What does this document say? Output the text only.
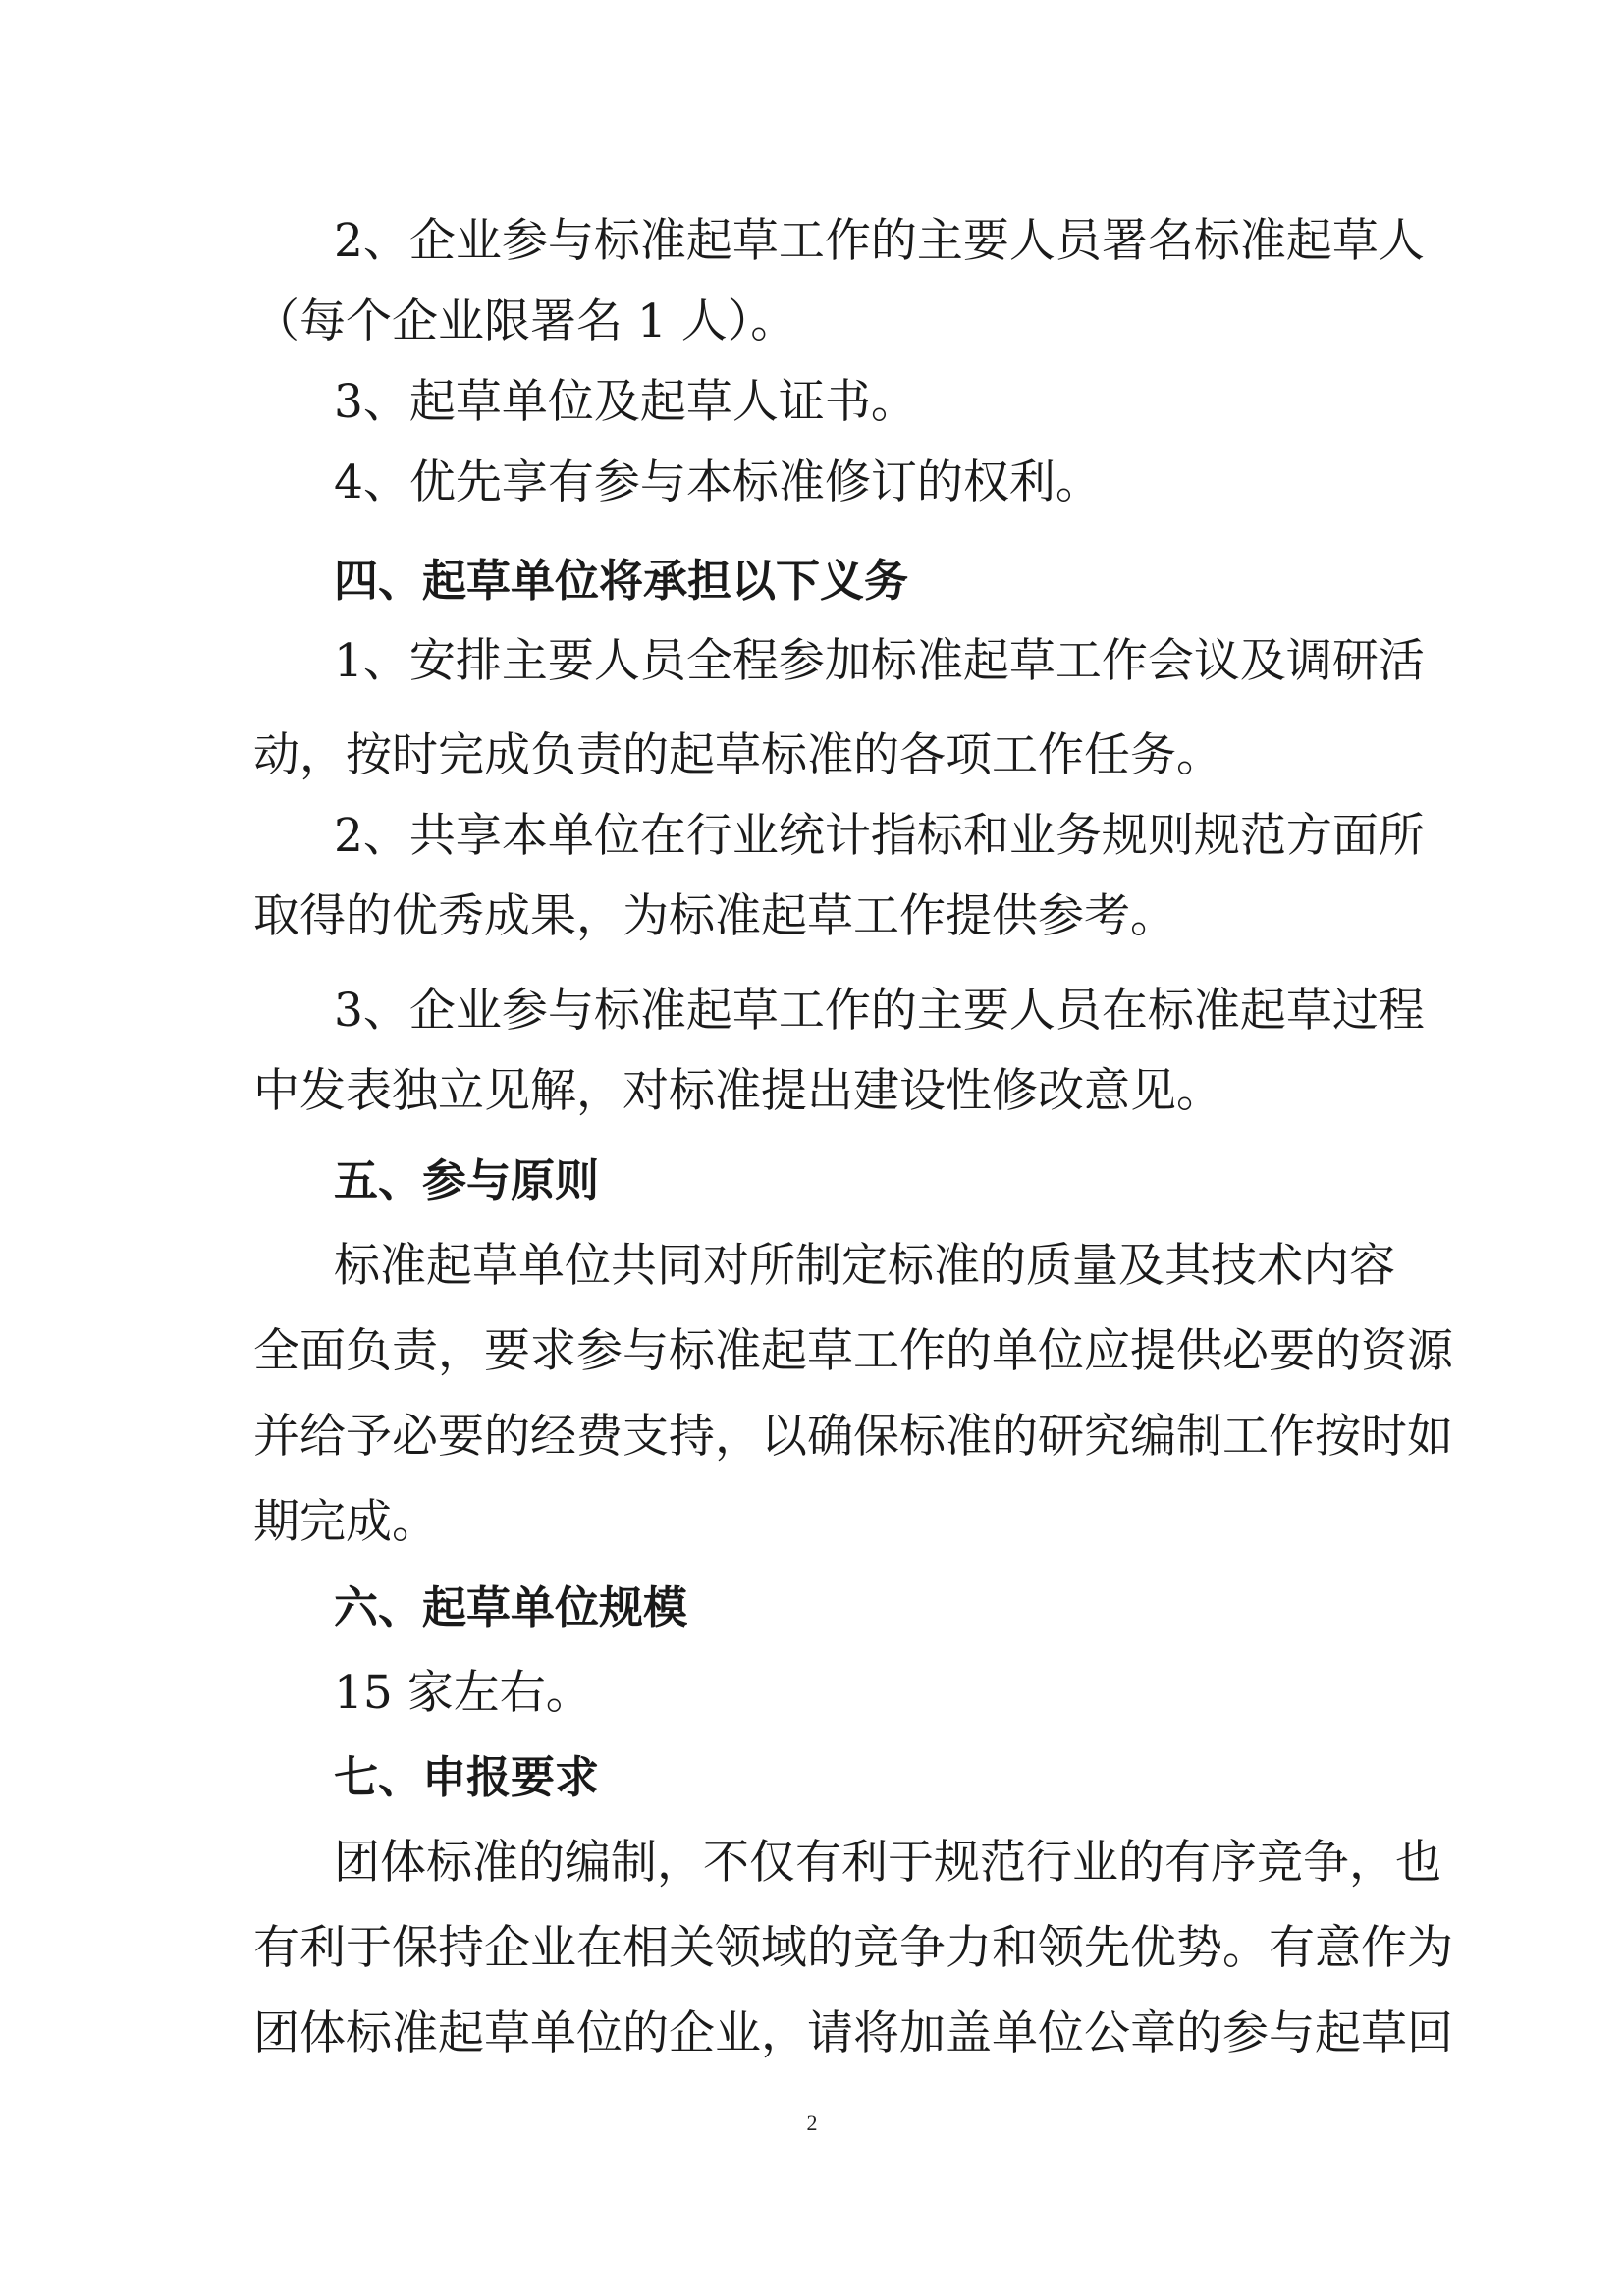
2、企业参与标准起草工作的主要人员署名标准起草人

（每个企业限署名 1 人）。

3、起草单位及起草人证书。

4、优先享有参与本标准修订的权利。

四、起草单位将承担以下义务

1、安排主要人员全程参加标准起草工作会议及调研活

动，按时完成负责的起草标准的各项工作任务。

2、共享本单位在行业统计指标和业务规则规范方面所

取得的优秀成果，为标准起草工作提供参考。

3、企业参与标准起草工作的主要人员在标准起草过程

中发表独立见解，对标准提出建设性修改意见。

五、参与原则

标准起草单位共同对所制定标准的质量及其技术内容

全面负责，要求参与标准起草工作的单位应提供必要的资源

并给予必要的经费支持，以确保标准的研究编制工作按时如

期完成。

六、起草单位规模

15 家左右。

七、申报要求

团体标准的编制，不仅有利于规范行业的有序竞争，也

有利于保持企业在相关领域的竞争力和领先优势。有意作为

团体标准起草单位的企业，请将加盖单位公章的参与起草回

2
